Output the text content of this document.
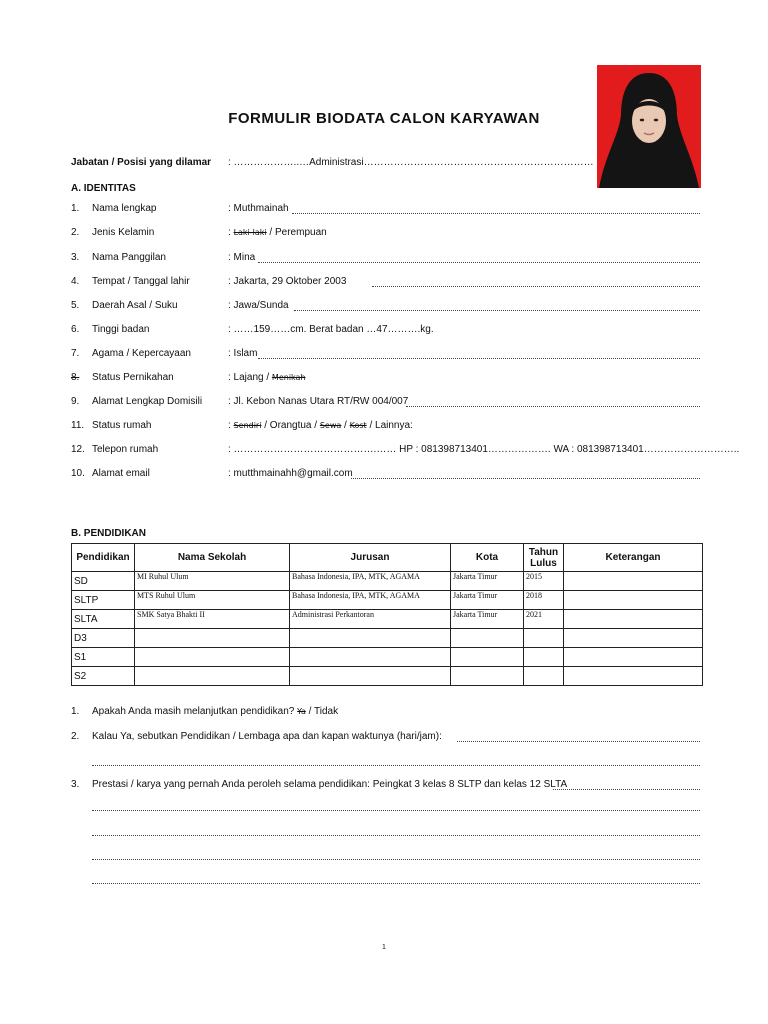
FORMULIR BIODATA CALON KARYAWAN
Jabatan / Posisi yang dilamar : ………………..…Administrasi……………………………………………………………
A. IDENTITAS
1. Nama lengkap	: Muthmainah
2. Jenis Kelamin	: Laki-laki / Perempuan
3. Nama Panggilan	: Mina
4. Tempat / Tanggal lahir	: Jakarta, 29 Oktober 2003
5. Daerah Asal / Suku	: Jawa/Sunda
6. Tinggi badan	: ……159……cm. Berat badan …47……….kg.
7. Agama / Kepercayaan	: Islam
8. Status Pernikahan	: Lajang / Menikah
9. Alamat Lengkap Domisili	: Jl. Kebon Nanas Utara RT/RW 004/007
11. Status rumah	: Sendiri / Orangtua / Sewa / Kost / Lainnya:
12. Telepon rumah	: …………………………………….…… HP : 081398713401………………. WA : 081398713401………………………..
10. Alamat email	: mutthmainahh@gmail.com
B. PENDIDIKAN
Pendidikan	Nama Sekolah	Jurusan	Kota	Tahun Lulus	Keterangan
SD	MI Ruhul Ulum	Bahasa Indonesia, IPA, MTK, AGAMA	Jakarta Timur	2015	
SLTP	MTS Ruhul Ulum	Bahasa Indonesia, IPA, MTK, AGAMA	Jakarta Timur	2018	
SLTA	SMK Satya Bhakti II	Administrasi Perkantoran	Jakarta Timur	2021	
D3					
S1					
S2					
1. Apakah Anda masih melanjutkan pendidikan? Ya / Tidak
2. Kalau Ya, sebutkan Pendidikan / Lembaga apa dan kapan waktunya (hari/jam):
3. Prestasi / karya yang pernah Anda peroleh selama pendidikan: Peingkat 3 kelas 8 SLTP dan kelas 12 SLTA
1
